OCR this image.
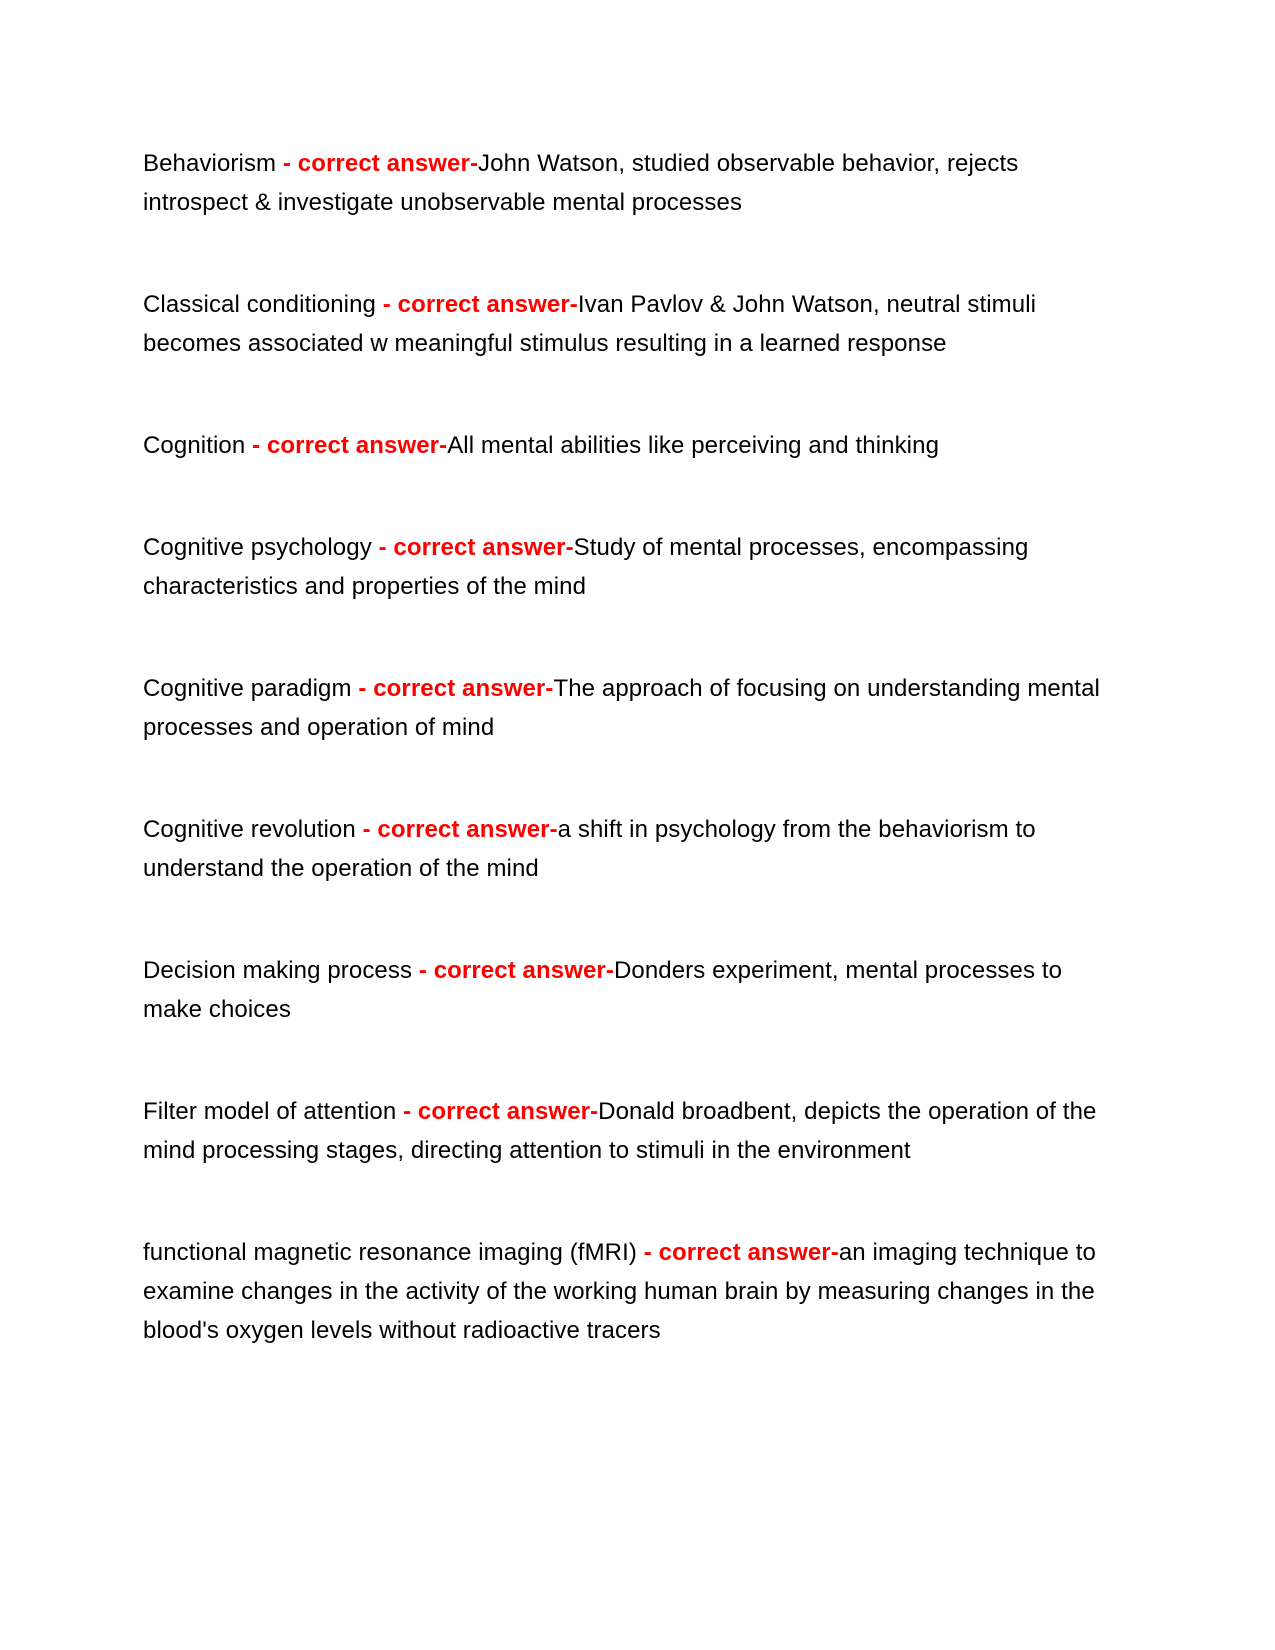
Behaviorism - correct answer-John Watson, studied observable behavior, rejects introspect & investigate unobservable mental processes

Classical conditioning - correct answer-Ivan Pavlov & John Watson, neutral stimuli becomes associated w meaningful stimulus resulting in a learned response

Cognition - correct answer-All mental abilities like perceiving and thinking

Cognitive psychology - correct answer-Study of mental processes, encompassing characteristics and properties of the mind

Cognitive paradigm - correct answer-The approach of focusing on understanding mental processes and operation of mind

Cognitive revolution - correct answer-a shift in psychology from the behaviorism to understand the operation of the mind

Decision making process - correct answer-Donders experiment, mental processes to make choices

Filter model of attention - correct answer-Donald broadbent, depicts the operation of the mind processing stages, directing attention to stimuli in the environment

functional magnetic resonance imaging (fMRI) - correct answer-an imaging technique to examine changes in the activity of the working human brain by measuring changes in the blood's oxygen levels without radioactive tracers
